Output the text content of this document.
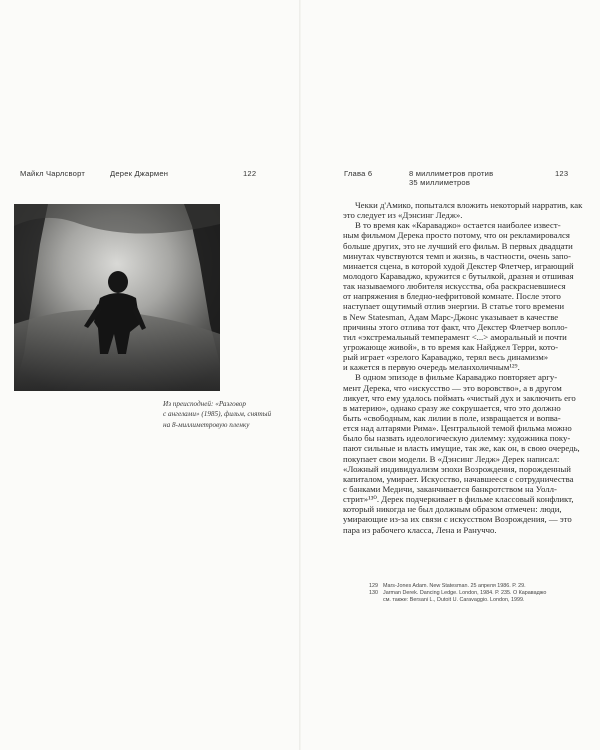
Майкл Чарлсворт	Дерек Джармен	122
Из преисподней: «Разговор
с ангелами» (1985), фильм, снятый
на 8-миллиметровую пленку
Глава 6	8 миллиметров против
35 миллиметров
123
Чекки д'Амико, попытался вложить некоторый нарратив, как
это следует из «Дэнсинг Ледж».
В то время как «Караваджо» остается наиболее извест-
ным фильмом Дерека просто потому, что он рекламировался
больше других, это не лучший его фильм. В первых двадцати
минутах чувствуются темп и жизнь, в частности, очень запо-
минается сцена, в которой худой Декстер Флетчер, играющий
молодого Караваджо, кружится с бутылкой, дразня и отшивая
так называемого любителя искусства, оба раскрасневшиеся
от напряжения в бледно-нефритовой комнате. После этого
наступает ощутимый отлив энергии. В статье того времени
в New Statesman, Адам Марс-Джонс указывает в качестве
причины этого отлива тот факт, что Декстер Флетчер вопло-
тил «экстремальный темперамент <...> аморальный и почти
угрожающе живой», в то время как Найджел Терри, кото-
рый играет «зрелого Караваджо, терял весь динамизм»
и кажется в первую очередь меланхоличным¹²⁹.
В одном эпизоде в фильме Караваджо повторяет аргу-
мент Дерека, что «искусство — это воровство», а в другом
ликует, что ему удалось поймать «чистый дух и заключить его
в материю», однако сразу же сокрушается, что это должно
быть «свободным, как лилии в поле, извращается и вопва-
ется над алтарями Рима». Центральной темой фильма можно
было бы назвать идеологическую дилемму: художника поку-
пают сильные и власть имущие, так же, как он, в свою очередь,
покупает свои модели. В «Дэнсинг Ледж» Дерек написал:
«Ложный индивидуализм эпохи Возрождения, порожденный
капиталом, умирает. Искусство, начавшееся с сотрудничества
с банками Медичи, заканчивается банкротством на Уолл-
стрит»¹³⁰. Дерек подчеркивает в фильме классовый конфликт,
который никогда не был должным образом отмечен: люди,
умирающие из-за их связи с искусством Возрождения, — это
пара из рабочего класса, Лена и Рануччо.
129 Mars-Jones Adam. New Statesman. 25 апреля 1986. P. 29.
130 Jarman Derek. Dancing Ledge. London, 1984. P. 235. О Караваджо
см. также: Bersani L., Dutoit U. Caravaggio. London, 1999.
